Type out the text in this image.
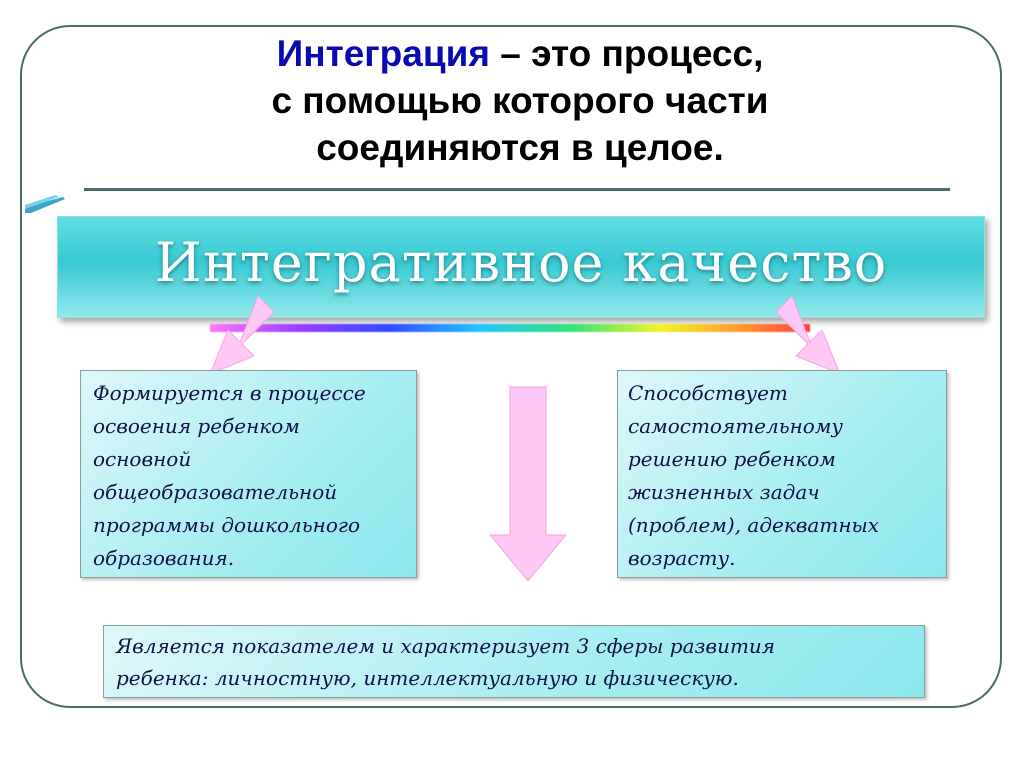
Интеграция – это процесс,
с помощью которого части
соединяются в целое.
Интегративное качество
Формируется в процессе
освоения ребенком
основной
общеобразовательной
программы дошкольного
образования.
Способствует
самостоятельному
решению ребенком
жизненных задач
(проблем), адекватных
возрасту.
Является показателем и характеризует 3 сферы развития
ребенка: личностную, интеллектуальную и физическую.
